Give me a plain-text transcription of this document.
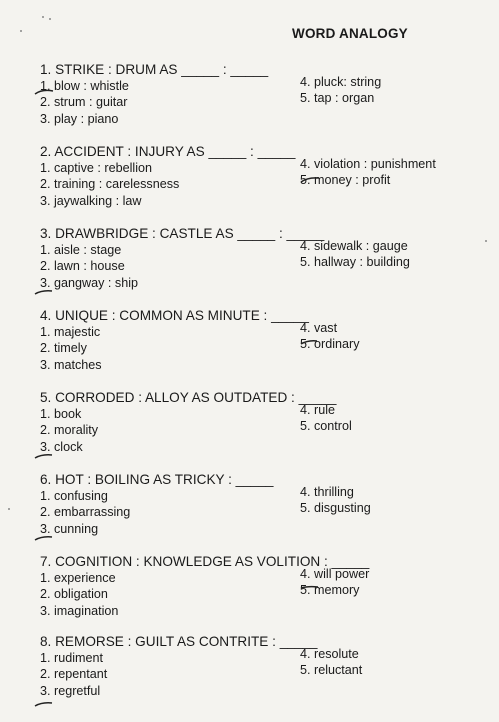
WORD ANALOGY
1. STRIKE : DRUM AS _____ : _____
1. blow : whistle
2. strum : guitar
3. play : piano
4. pluck: string
5. tap : organ
2. ACCIDENT : INJURY AS _____ : _____
1. captive : rebellion
2. training : carelessness
3. jaywalking : law
4. violation : punishment
5. money : profit
3. DRAWBRIDGE : CASTLE AS _____ : _____
1. aisle : stage
2. lawn : house
3. gangway : ship
4. sidewalk : gauge
5. hallway : building
4. UNIQUE : COMMON AS MINUTE : _____
1. majestic
2. timely
3. matches
4. vast
5. ordinary
5. CORRODED : ALLOY AS OUTDATED : _____
1. book
2. morality
3. clock
4. rule
5. control
6. HOT : BOILING AS TRICKY : _____
1. confusing
2. embarrassing
3. cunning
4. thrilling
5. disgusting
7. COGNITION : KNOWLEDGE AS VOLITION : _____
1. experience
2. obligation
3. imagination
4. will power
5. memory
8. REMORSE : GUILT AS CONTRITE : _____
1. rudiment
2. repentant
3. regretful
4. resolute
5. reluctant
